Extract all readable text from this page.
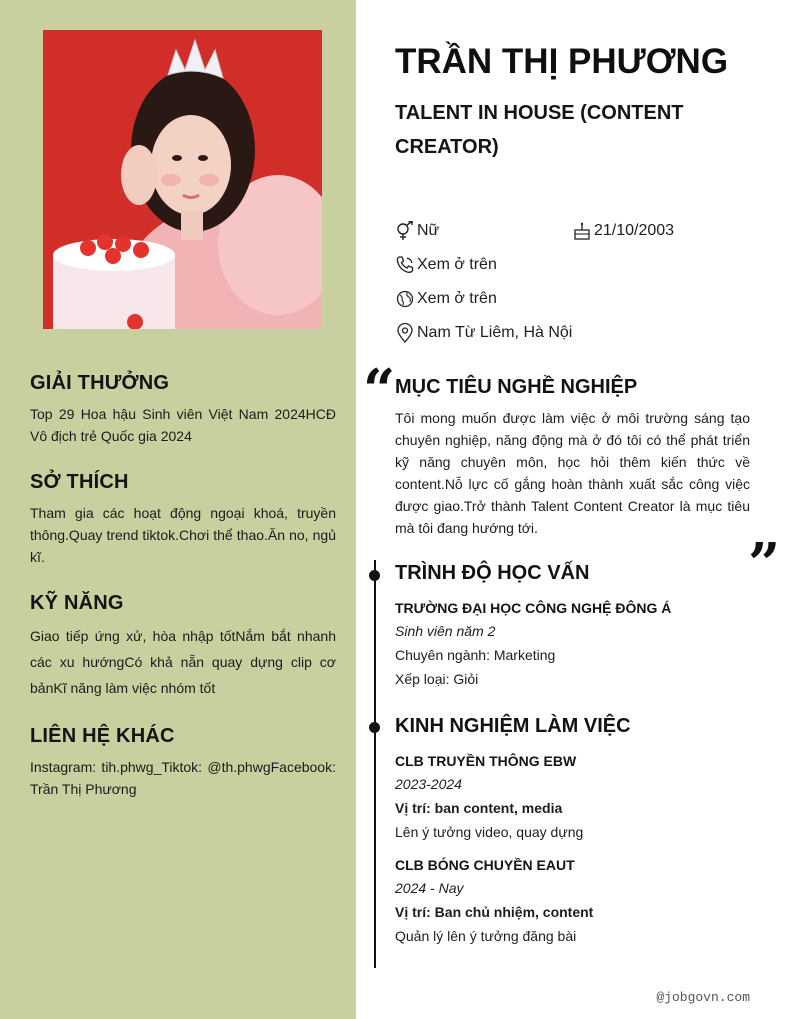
GIẢI THƯỞNG
Top 29 Hoa hậu Sinh viên Việt Nam 2024HCĐ Vô địch trẻ Quốc gia 2024
SỞ THÍCH
Tham gia các hoạt động ngoại khoá, truyền thông.Quay trend tiktok.Chơi thể thao.Ăn no, ngủ kĩ.
KỸ NĂNG
Giao tiếp ứng xử, hòa nhập tốtNắm bắt nhanh các xu hướngCó khả nẵn quay dựng clip cơ bảnKĩ năng làm việc nhóm tốt
LIÊN HỆ KHÁC
Instagram: tih.phwg_Tiktok: @th.phwgFacebook: Trần Thị Phương
TRẦN THỊ PHƯƠNG
TALENT IN HOUSE (CONTENT CREATOR)
Nữ	21/10/2003
Xem ở trên
Xem ở trên
Nam Từ Liêm, Hà Nội
“ MỤC TIÊU NGHỀ NGHIỆP
Tôi mong muốn được làm việc ở môi trường sáng tạo chuyên nghiệp, năng động mà ở đó tôi có thể phát triển kỹ năng chuyên môn, học hỏi thêm kiến thức về content.Nỗ lực cố gắng hoàn thành xuất sắc công việc được giao.Trở thành Talent Content Creator là mục tiêu mà tôi đang hướng tới.
”
TRÌNH ĐỘ HỌC VẤN
TRƯỜNG ĐẠI HỌC CÔNG NGHỆ ĐÔNG Á
Sinh viên năm 2
Chuyên ngành: Marketing
Xếp loại: Giỏi
KINH NGHIỆM LÀM VIỆC
CLB TRUYỀN THÔNG EBW
2023-2024
Vị trí: ban content, media
Lên ý tưởng video, quay dựng
CLB BÓNG CHUYỀN EAUT
2024 - Nay
Vị trí: Ban chủ nhiệm, content
Quản lý lên ý tưởng đăng bài
@jobgovn.com
